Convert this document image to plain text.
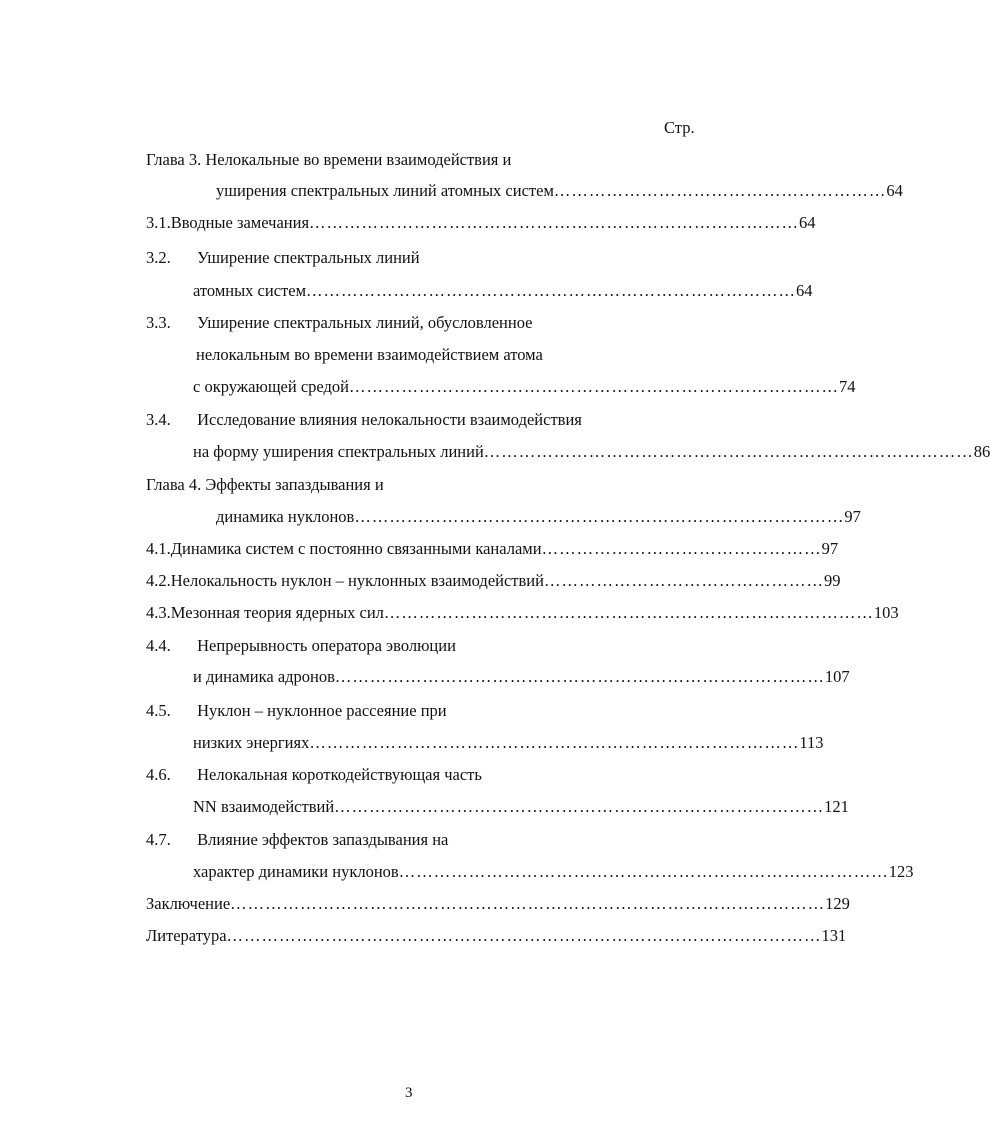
Стр.
Глава 3. Нелокальные во времени взаимодействия и
уширения спектральных линий атомных систем ………………………………………………… 64
3.1. Вводные замечания ………………………………………………………………………… 64
3.2. Уширение спектральных линий
атомных систем ………………………………………………………………………… 64
3.3. Уширение спектральных линий, обусловленное
нелокальным во времени взаимодействием атома
с окружающей средой ………………………………………………………………………… 74
3.4. Исследование влияния нелокальности взаимодействия
на форму уширения спектральных линий ………………………………………………………………………… 86
Глава 4. Эффекты запаздывания и
динамика нуклонов ………………………………………………………………………… 97
4.1. Динамика систем с постоянно связанными каналами ………………………………………… 97
4.2. Нелокальность нуклон – нуклонных взаимодействий ………………………………………… 99
4.3. Мезонная теория ядерных сил ………………………………………………………………………… 103
4.4. Непрерывность оператора эволюции
и динамика адронов ………………………………………………………………………… 107
4.5. Нуклон – нуклонное рассеяние при
низких энергиях ………………………………………………………………………… 113
4.6. Нелокальная короткодействующая часть
NN взаимодействий ………………………………………………………………………… 121
4.7. Влияние эффектов запаздывания на
характер динамики нуклонов ………………………………………………………………………… 123
Заключение ………………………………………………………………………………………… 129
Литература ………………………………………………………………………………………… 131
3
